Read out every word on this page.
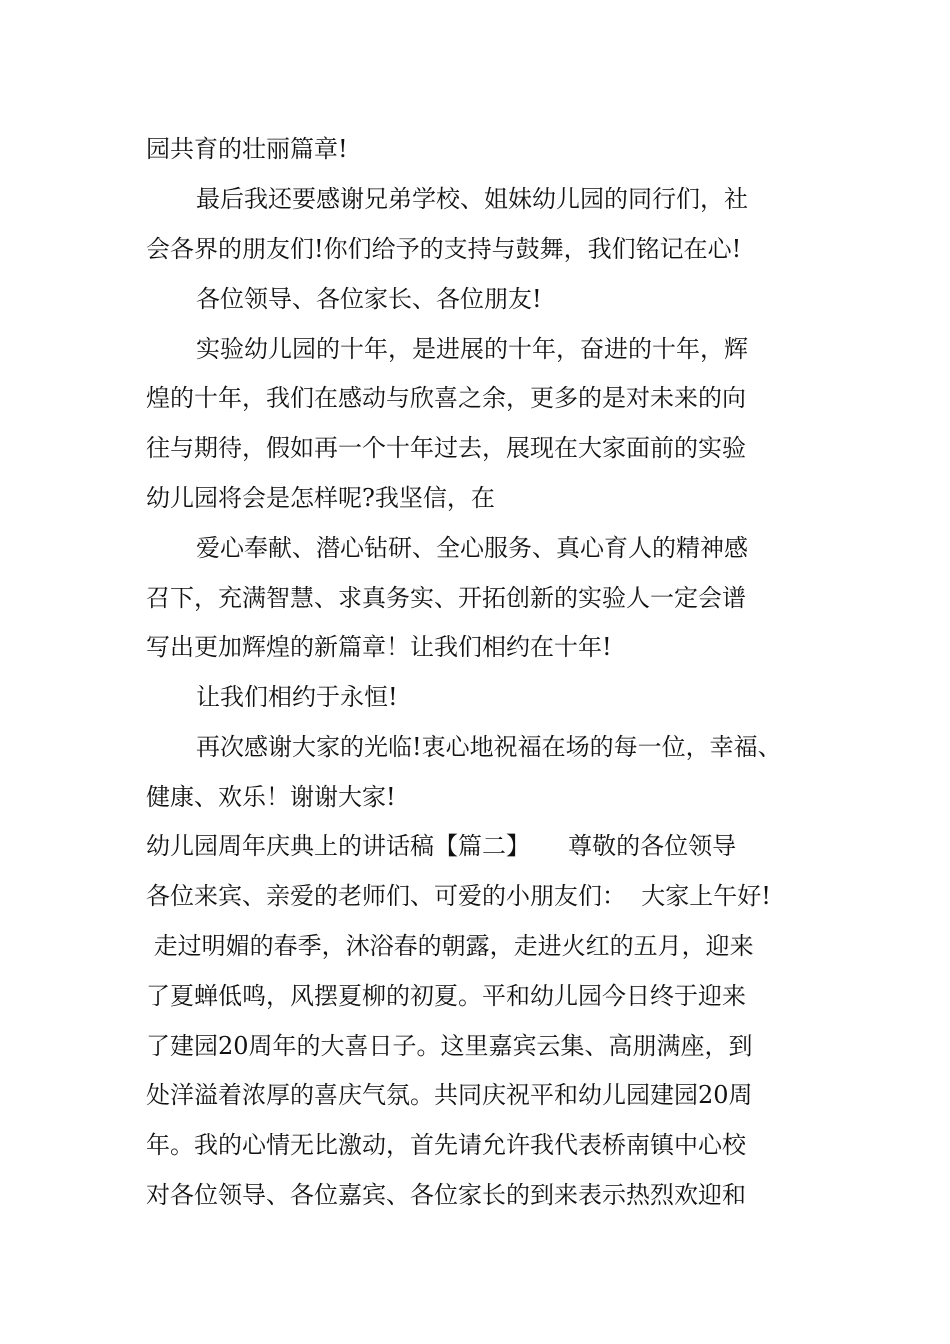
园共育的壮丽篇章!
最后我还要感谢兄弟学校、姐妹幼儿园的同行们，社
会各界的朋友们!你们给予的支持与鼓舞，我们铭记在心!
各位领导、各位家长、各位朋友!
实验幼儿园的十年，是进展的十年，奋进的十年，辉
煌的十年，我们在感动与欣喜之余，更多的是对未来的向
往与期待，假如再一个十年过去，展现在大家面前的实验
幼儿园将会是怎样呢?我坚信，在
爱心奉献、潜心钻研、全心服务、真心育人的精神感
召下，充满智慧、求真务实、开拓创新的实验人一定会谱
写出更加辉煌的新篇章！让我们相约在十年!
让我们相约于永恒!
再次感谢大家的光临!衷心地祝福在场的每一位，幸福、
健康、欢乐！谢谢大家!
幼儿园周年庆典上的讲话稿【篇二】     尊敬的各位领导
各位来宾、亲爱的老师们、可爱的小朋友们：  大家上午好!
走过明媚的春季，沐浴春的朝露，走进火红的五月，迎来
了夏蝉低鸣，风摆夏柳的初夏。平和幼儿园今日终于迎来
了建园20周年的大喜日子。这里嘉宾云集、高朋满座，到
处洋溢着浓厚的喜庆气氛。共同庆祝平和幼儿园建园20周
年。我的心情无比激动，首先请允许我代表桥南镇中心校
对各位领导、各位嘉宾、各位家长的到来表示热烈欢迎和
